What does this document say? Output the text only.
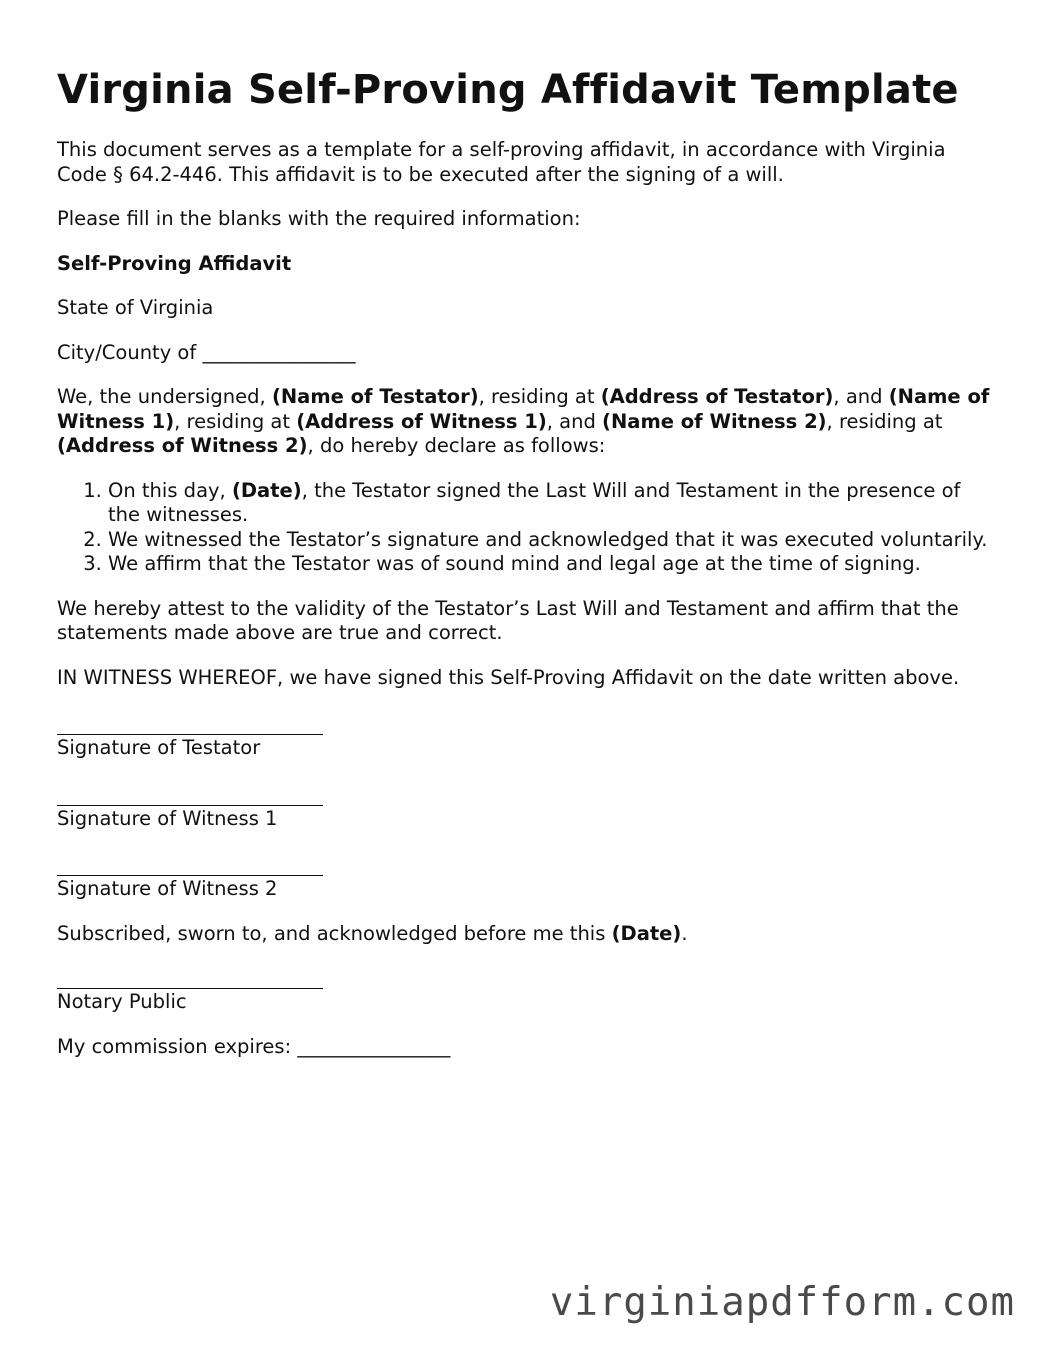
Virginia Self-Proving Affidavit Template

This document serves as a template for a self-proving affidavit, in accordance with Virginia Code § 64.2-446. This affidavit is to be executed after the signing of a will.

Please fill in the blanks with the required information:

Self-Proving Affidavit

State of Virginia

City/County of ________________

We, the undersigned, (Name of Testator), residing at (Address of Testator), and (Name of Witness 1), residing at (Address of Witness 1), and (Name of Witness 2), residing at (Address of Witness 2), do hereby declare as follows:

1. On this day, (Date), the Testator signed the Last Will and Testament in the presence of the witnesses.
2. We witnessed the Testator’s signature and acknowledged that it was executed voluntarily.
3. We affirm that the Testator was of sound mind and legal age at the time of signing.

We hereby attest to the validity of the Testator’s Last Will and Testament and affirm that the statements made above are true and correct.

IN WITNESS WHEREOF, we have signed this Self-Proving Affidavit on the date written above.

Signature of Testator
Signature of Witness 1
Signature of Witness 2

Subscribed, sworn to, and acknowledged before me this (Date).

Notary Public

My commission expires: ________________

virginiapdfform.com
